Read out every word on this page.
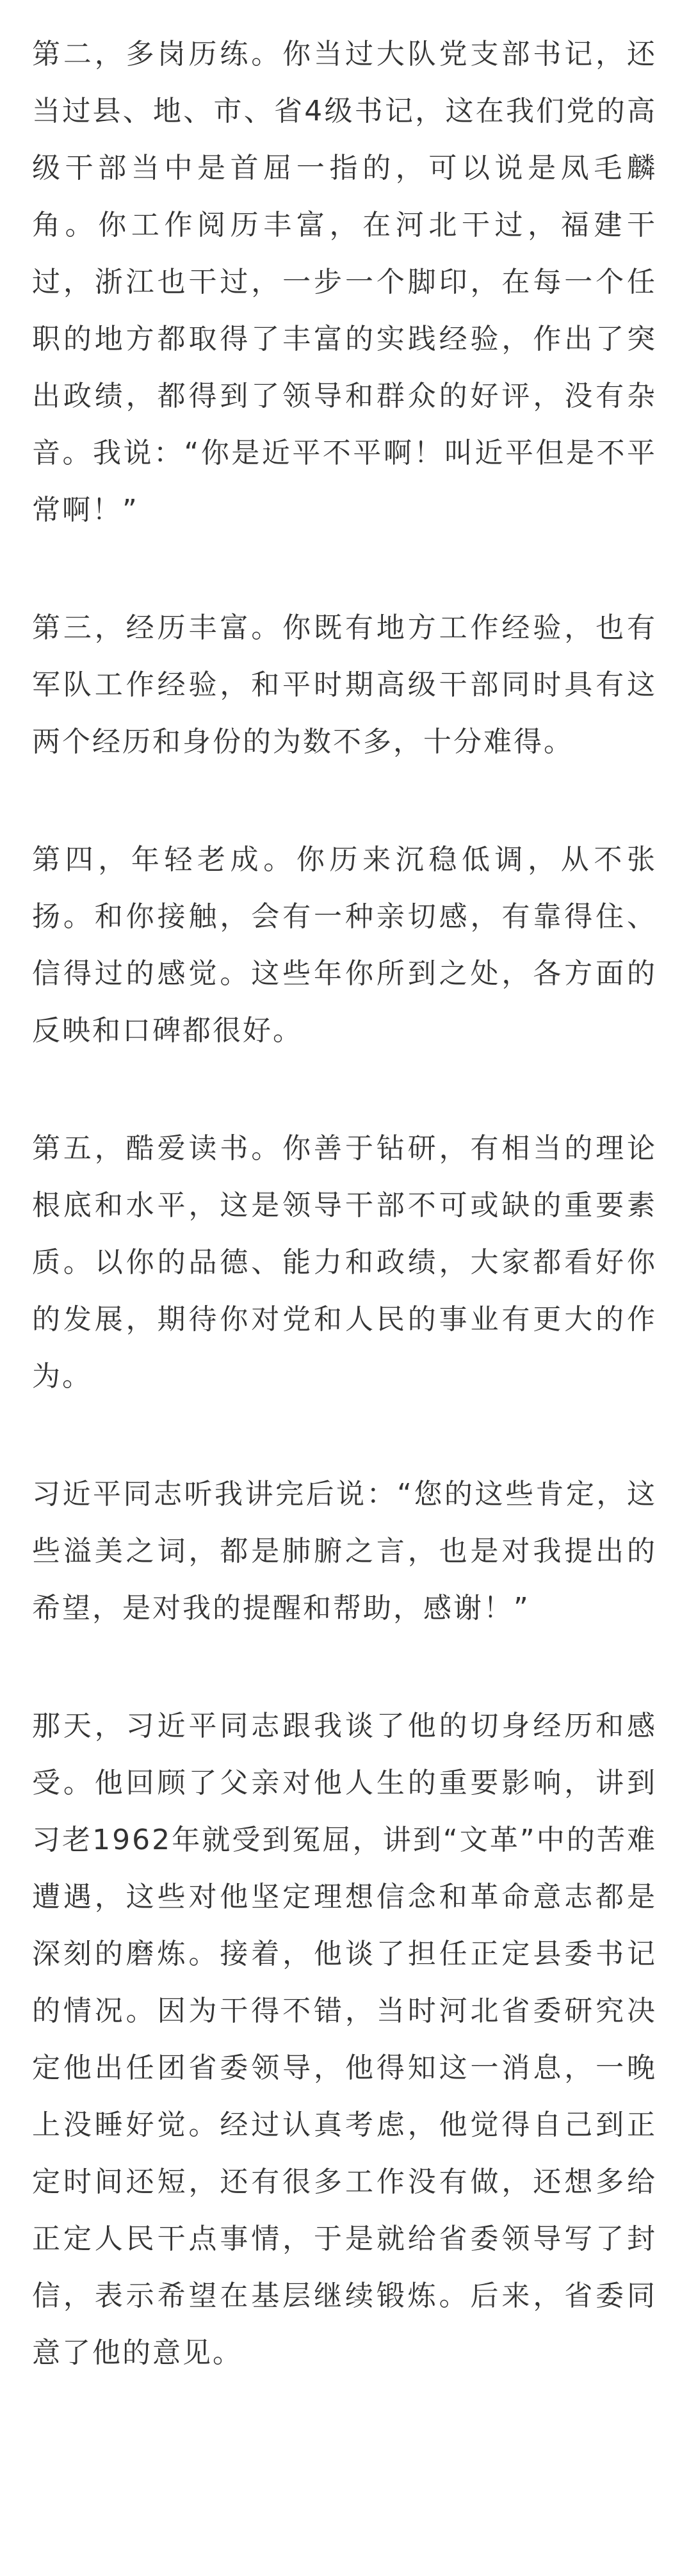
第二，多岗历练。你当过大队党支部书记，还当过县、地、市、省4级书记，这在我们党的高级干部当中是首屈一指的，可以说是凤毛麟角。你工作阅历丰富，在河北干过，福建干过，浙江也干过，一步一个脚印，在每一个任职的地方都取得了丰富的实践经验，作出了突出政绩，都得到了领导和群众的好评，没有杂音。我说：“你是近平不平啊！叫近平但是不平常啊！”

第三，经历丰富。你既有地方工作经验，也有军队工作经验，和平时期高级干部同时具有这两个经历和身份的为数不多，十分难得。

第四，年轻老成。你历来沉稳低调，从不张扬。和你接触，会有一种亲切感，有靠得住、信得过的感觉。这些年你所到之处，各方面的反映和口碑都很好。

第五，酷爱读书。你善于钻研，有相当的理论根底和水平，这是领导干部不可或缺的重要素质。以你的品德、能力和政绩，大家都看好你的发展，期待你对党和人民的事业有更大的作为。

习近平同志听我讲完后说：“您的这些肯定，这些溢美之词，都是肺腑之言，也是对我提出的希望，是对我的提醒和帮助，感谢！”

那天，习近平同志跟我谈了他的切身经历和感受。他回顾了父亲对他人生的重要影响，讲到习老1962年就受到冤屈，讲到“文革”中的苦难遭遇，这些对他坚定理想信念和革命意志都是深刻的磨炼。接着，他谈了担任正定县委书记的情况。因为干得不错，当时河北省委研究决定他出任团省委领导，他得知这一消息，一晚上没睡好觉。经过认真考虑，他觉得自己到正定时间还短，还有很多工作没有做，还想多给正定人民干点事情，于是就给省委领导写了封信，表示希望在基层继续锻炼。后来，省委同意了他的意见。
